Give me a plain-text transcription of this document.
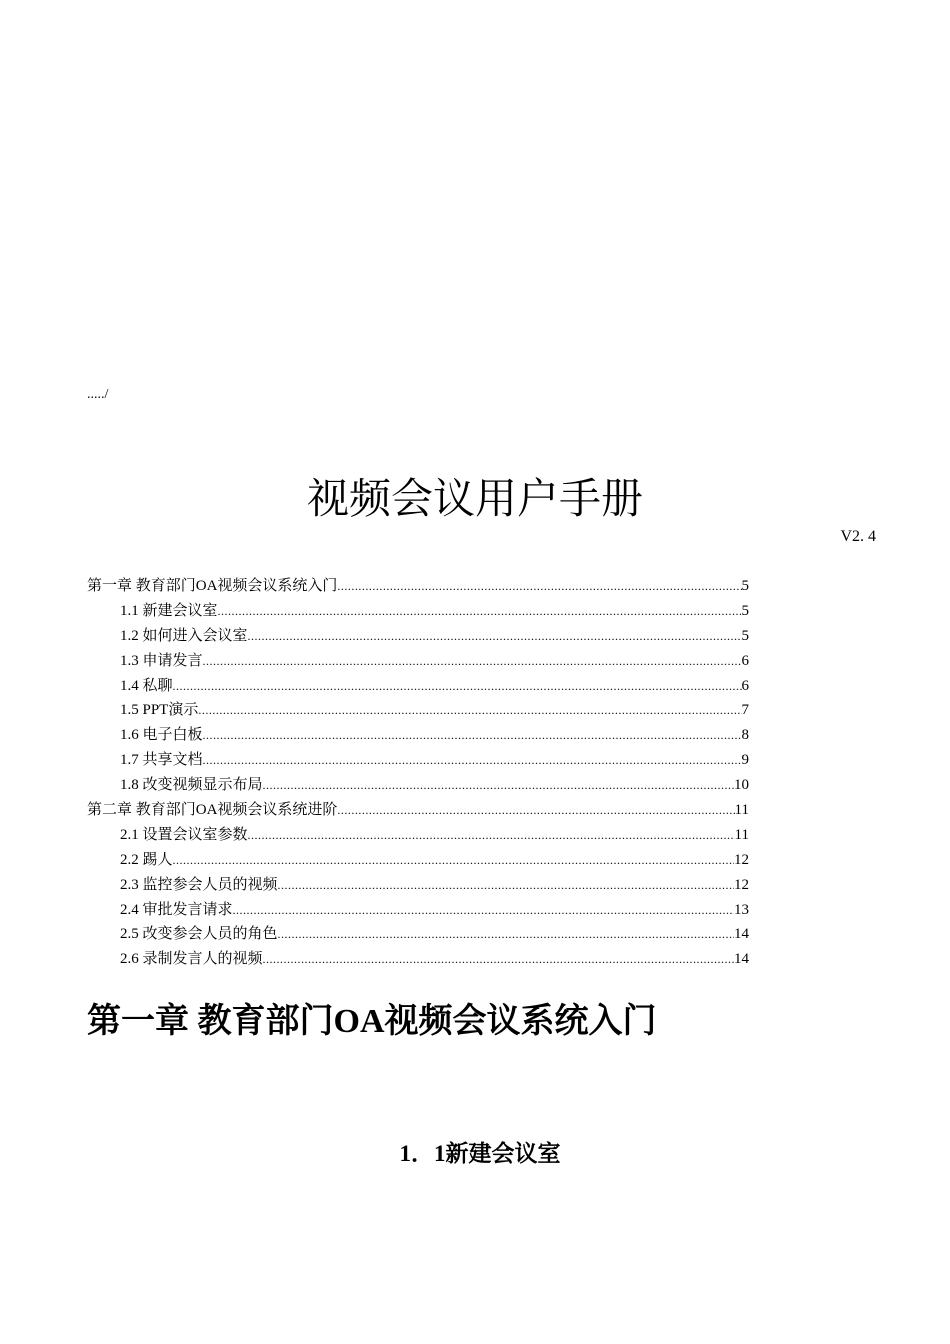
...../
视频会议用户手册
V2. 4
第一章 教育部门OA视频会议系统入门 .....	5
1.1 新建会议室 .....	5
1.2 如何进入会议室 .....	5
1.3 申请发言 .....	6
1.4 私聊 .....	6
1.5 PPT演示 .....	7
1.6 电子白板 .....	8
1.7 共享文档 .....	9
1.8 改变视频显示布局 .....	10
第二章 教育部门OA视频会议系统进阶 .....	11
2.1 设置会议室参数 .....	11
2.2 踢人 .....	12
2.3 监控参会人员的视频 .....	12
2.4 审批发言请求 .....	13
2.5 改变参会人员的角色 .....	14
2.6 录制发言人的视频 .....	14
第一章 教育部门OA视频会议系统入门
1．1新建会议室
